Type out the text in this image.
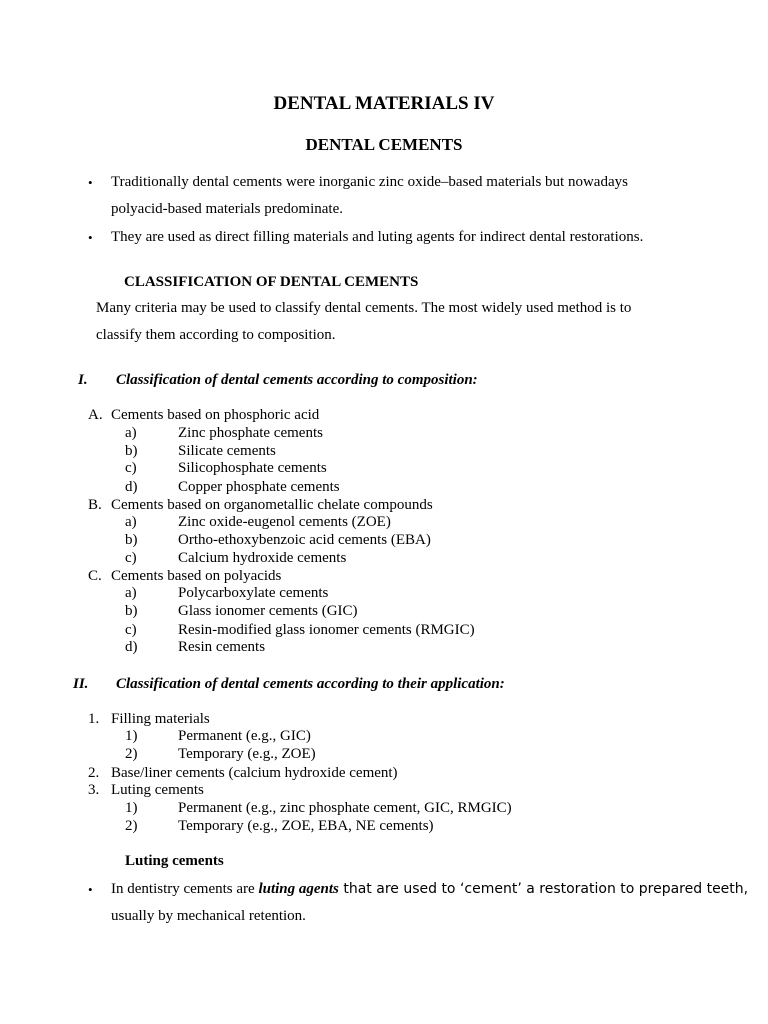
DENTAL MATERIALS IV
DENTAL CEMENTS
• Traditionally dental cements were inorganic zinc oxide–based materials but nowadays
polyacid-based materials predominate.
• They are used as direct filling materials and luting agents for indirect dental restorations.
CLASSIFICATION OF DENTAL CEMENTS
Many criteria may be used to classify dental cements. The most widely used method is to
classify them according to composition.
I. Classification of dental cements according to composition:
A. Cements based on phosphoric acid
a)	Zinc phosphate cements
b)	Silicate cements
c)	Silicophosphate cements
d)	Copper phosphate cements
B. Cements based on organometallic chelate compounds
a)	Zinc oxide-eugenol cements (ZOE)
b)	Ortho-ethoxybenzoic acid cements (EBA)
c)	Calcium hydroxide cements
C. Cements based on polyacids
a)	Polycarboxylate cements
b)	Glass ionomer cements (GIC)
c)	Resin-modified glass ionomer cements (RMGIC)
d)	Resin cements
II. Classification of dental cements according to their application:
1. Filling materials
1)	Permanent (e.g., GIC)
2)	Temporary (e.g., ZOE)
2. Base/liner cements (calcium hydroxide cement)
3. Luting cements
1)	Permanent (e.g., zinc phosphate cement, GIC, RMGIC)
2)	Temporary (e.g., ZOE, EBA, NE cements)
Luting cements
• In dentistry cements are luting agents that are used to ‘cement’ a restoration to prepared teeth,
usually by mechanical retention.
